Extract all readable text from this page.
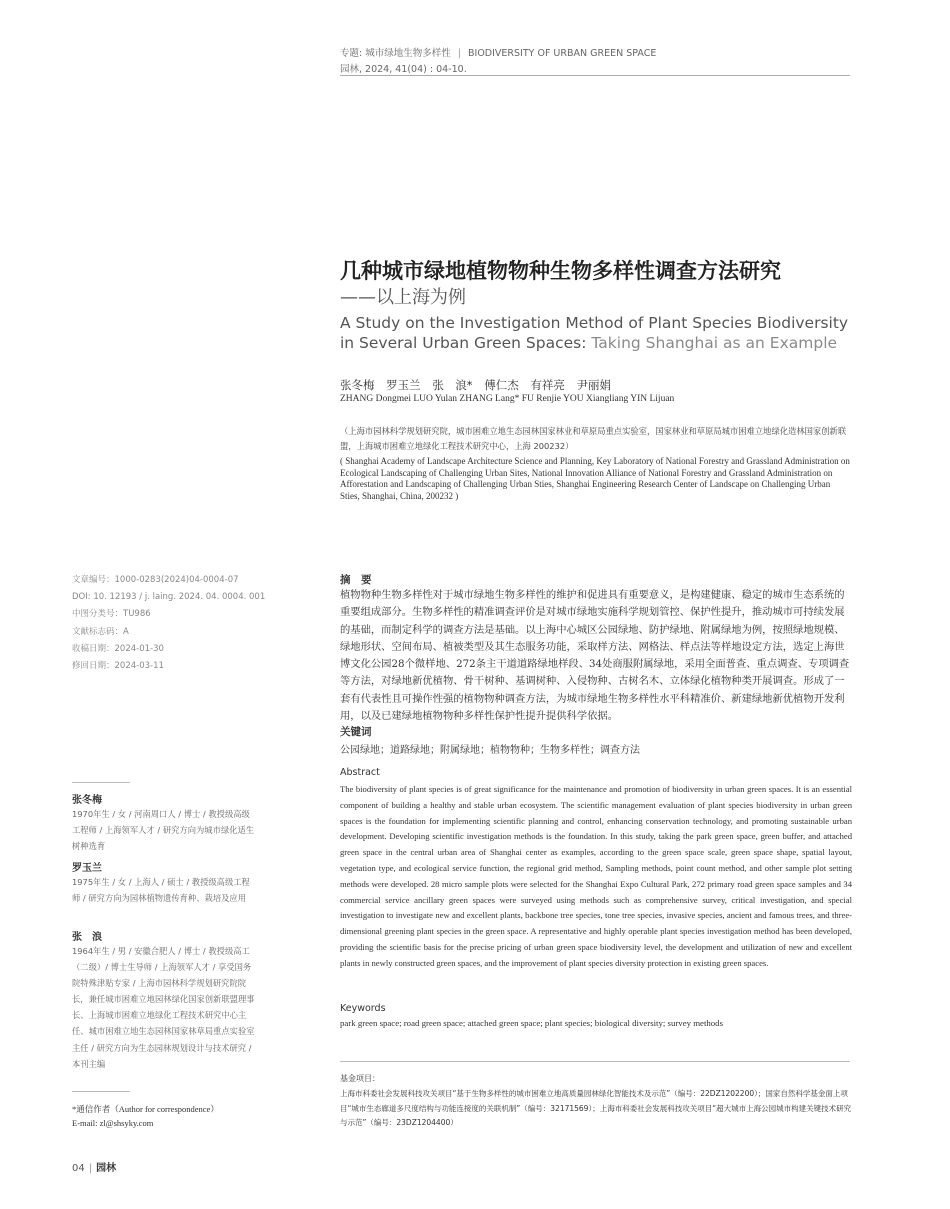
专题: 城市绿地生物多样性 | BIODIVERSITY OF URBAN GREEN SPACE
园林, 2024, 41(04) : 04-10.
几种城市绿地植物物种生物多样性调查方法研究
——以上海为例
A Study on the Investigation Method of Plant Species Biodiversity in Several Urban Green Spaces: Taking Shanghai as an Example
张冬梅 罗玉兰 张　浪* 傅仁杰 有祥亮 尹丽娟
ZHANG Dongmei LUO Yulan ZHANG Lang* FU Renjie YOU Xiangliang YIN Lijuan
（上海市园林科学规划研究院，城市困难立地生态园林国家林业和草原局重点实验室，国家林业和草原局城市困难立地绿化造林国家创新联盟，上海城市困难立地绿化工程技术研究中心，上海 200232）
( Shanghai Academy of Landscape Architecture Science and Planning, Key Laboratory of National Forestry and Grassland Administration on Ecological Landscaping of Challenging Urban Sites, National Innovation Alliance of National Forestry and Grassland Administration on Afforestation and Landscaping of Challenging Urban Sties, Shanghai Engineering Research Center of Landscape on Challenging Urban Sties, Shanghai, China, 200232 )
文章编号：1000-0283(2024)04-0004-07
DOI: 10. 12193 / j. laing. 2024. 04. 0004. 001
中图分类号：TU986
文献标志码：A
收稿日期：2024-01-30
修回日期：2024-03-11
摘　要
植物物种生物多样性对于城市绿地生物多样性的维护和促进具有重要意义，是构建健康、稳定的城市生态系统的重要组成部分。生物多样性的精准调查评价是对城市绿地实施科学规划管控、保护性提升，推动城市可持续发展的基础，而制定科学的调查方法是基础。以上海中心城区公园绿地、防护绿地、附属绿地为例，按照绿地规模、绿地形状、空间布局、植被类型及其生态服务功能，采取样方法、网格法、样点法等样地设定方法，选定上海世博文化公园28个微样地、272条主干道道路绿地样段、34处商服附属绿地，采用全面普查、重点调查、专项调查等方法，对绿地新优植物、骨干树种、基调树种、入侵物种、古树名木、立体绿化植物种类开展调查。形成了一套有代表性且可操作性强的植物物种调查方法，为城市绿地生物多样性水平科精准价、新建绿地新优植物开发利用，以及已建绿地植物物种多样性保护性提升提供科学依据。
关键词
公园绿地；道路绿地；附属绿地；植物物种；生物多样性；调查方法
Abstract
The biodiversity of plant species is of great significance for the maintenance and promotion of biodiversity in urban green spaces. It is an essential component of building a healthy and stable urban ecosystem. The scientific management evaluation of plant species biodiversity in urban green spaces is the foundation for implementing scientific planning and control, enhancing conservation technology, and promoting sustainable urban development. Developing scientific investigation methods is the foundation. In this study, taking the park green space, green buffer, and attached green space in the central urban area of Shanghai center as examples, according to the green space scale, green space shape, spatial layout, vegetation type, and ecological service function, the regional grid method, Sampling methods, point count method, and other sample plot setting methods were developed. 28 micro sample plots were selected for the Shanghai Expo Cultural Park, 272 primary road green space samples and 34 commercial service ancillary green spaces were surveyed using methods such as comprehensive survey, critical investigation, and special investigation to investigate new and excellent plants, backbone tree species, tone tree species, invasive species, ancient and famous trees, and three-dimensional greening plant species in the green space. A representative and highly operable plant species investigation method has been developed, providing the scientific basis for the precise pricing of urban green space biodiversity level, the development and utilization of new and excellent plants in newly constructed green spaces, and the improvement of plant species diversity protection in existing green spaces.
Keywords
park green space; road green space; attached green space; plant species; biological diversity; survey methods
基金项目：
上海市科委社会发展科技攻关项目“基于生物多样性的城市困难立地高质量园林绿化智能技术及示范”（编号：22DZ1202200）；国家自然科学基金面上项目“城市生态廊道多尺度结构与功能连接度的关联机制”（编号：32171569）；上海市科委社会发展科技攻关项目“超大城市上海公园城市构建关键技术研究与示范”（编号：23DZ1204400）
张冬梅
1970年生 / 女 / 河南周口人 / 博士 / 教授级高级工程师 / 上海领军人才 / 研究方向为城市绿化适生树种选育
罗玉兰
1975年生 / 女 / 上海人 / 硕士 / 教授级高级工程师 / 研究方向为园林植物遗传育种、栽培及应用
张　浪
1964年生 / 男 / 安徽合肥人 / 博士 / 教授级高工（二级）/ 博士生导师 / 上海领军人才 / 享受国务院特殊津贴专家 / 上海市园林科学规划研究院院长，兼任城市困难立地园林绿化国家创新联盟理事长、上海城市困难立地绿化工程技术研究中心主任、城市困难立地生态园林国家林草局重点实验室主任 / 研究方向为生态园林规划设计与技术研究 / 本刊主编
*通信作者（Author for correspondence）
E-mail: zl@shsyky.com
04 | 园林
